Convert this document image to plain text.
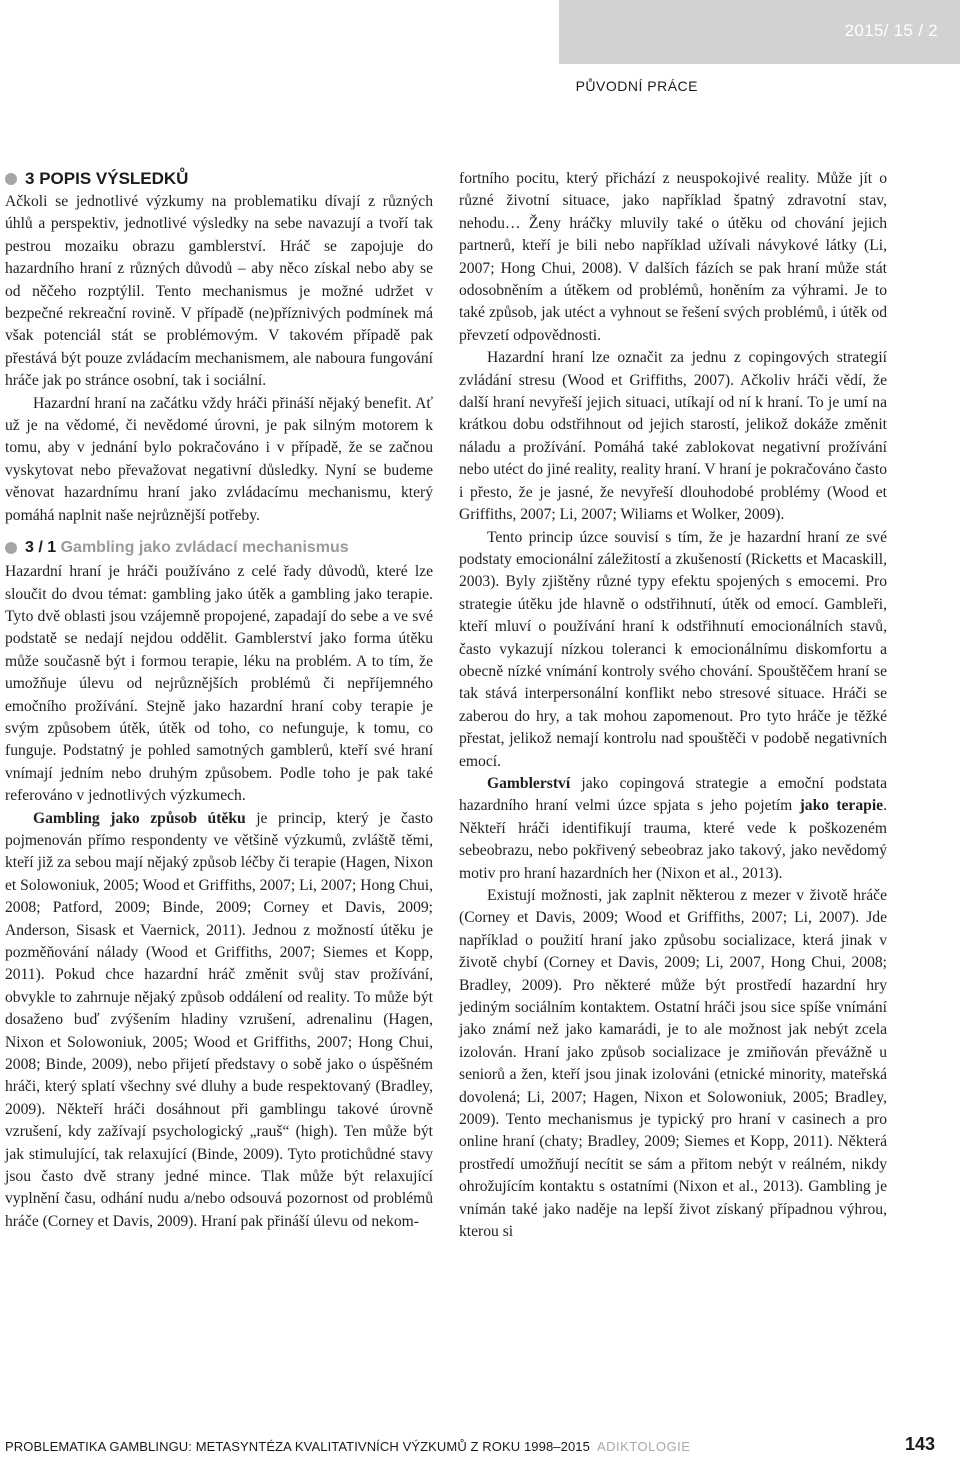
2015/ 15 / 2
PŮVODNÍ PRÁCE
3
POPIS VÝSLEDKŮ

Ačkoli se jednotlivé výzkumy na problematiku dívají z různých úhlů a perspektiv, jednotlivé výsledky na sebe navazují a tvoří tak pestrou mozaiku obrazu gamblerství. Hráč se zapojuje do hazardního hraní z různých důvodů – aby něco získal nebo aby se od něčeho rozptýlil. Tento mechanismus je možné udržet v bezpečné rekreační rovině. V případě (ne)příznivých podmínek má však potenciál stát se problémovým. V takovém případě pak přestává být pouze zvládacím mechanismem, ale naboura fungování hráče jak po stránce osobní, tak i sociální.

Hazardní hraní na začátku vždy hráči přináší nějaký benefit. Ať už je na vědomé, či nevědomé úrovni, je pak silným motorem k tomu, aby v jednání bylo pokračováno i v případě, že se začnou vyskytovat nebo převažovat negativní důsledky. Nyní se budeme věnovat hazardnímu hraní jako zvládacímu mechanismu, který pomáhá naplnit naše nejrůznější potřeby.

3 / 1
Gambling jako zvládací mechanismus

Hazardní hraní je hráči používáno z celé řady důvodů, které lze sloučit do dvou témat: gambling jako útěk a gambling jako terapie. Tyto dvě oblasti jsou vzájemně propojené, zapadají do sebe a ve své podstatě se nedají nejdou oddělit. Gamblerství jako forma útěku může současně být i formou terapie, léku na problém. A to tím, že umožňuje úlevu od nejrůznějších problémů či nepříjemného emočního prožívání. Stejně jako hazardní hraní coby terapie je svým způsobem útěk, útěk od toho, co nefunguje, k tomu, co funguje. Podstatný je pohled samotných gamblerů, kteří své hraní vnímají jedním nebo druhým způsobem. Podle toho je pak také referováno v jednotlivých výzkumech.

Gambling jako způsob útěku je princip, který je často pojmenován přímo respondenty ve většině výzkumů, zvláště těmi, kteří již za sebou mají nějaký způsob léčby či terapie (Hagen, Nixon et Solowoniuk, 2005; Wood et Griffiths, 2007; Li, 2007; Hong Chui, 2008; Patford, 2009; Binde, 2009; Corney et Davis, 2009; Anderson, Sisask et Vaernick, 2011). Jednou z možností útěku je pozměňování nálady (Wood et Griffiths, 2007; Siemes et Kopp, 2011). Pokud chce hazardní hráč změnit svůj stav prožívání, obvykle to zahrnuje nějaký způsob oddálení od reality. To může být dosaženo buď zvýšením hladiny vzrušení, adrenalinu (Hagen, Nixon et Solowoniuk, 2005; Wood et Griffiths, 2007; Hong Chui, 2008; Binde, 2009), nebo přijetí představy o sobě jako o úspěšném hráči, který splatí všechny své dluhy a bude respektovaný (Bradley, 2009). Někteří hráči dosáhnout při gamblingu takové úrovně vzrušení, kdy zažívají psychologický „rauš“ (high). Ten může být jak stimulující, tak relaxující (Binde, 2009). Tyto protichůdné stavy jsou často dvě strany jedné mince. Tlak může být relaxující vyplnění času, odhání nudu a/nebo odsouvá pozornost od problémů hráče (Corney et Davis, 2009). Hraní pak přináší úlevu od nekom-

fortního pocitu, který přichází z neuspokojivé reality. Může jít o různé životní situace, jako například špatný zdravotní stav, nehodu… Ženy hráčky mluvily také o útěku od chování jejich partnerů, kteří je bili nebo například užívali návykové látky (Li, 2007; Hong Chui, 2008). V dalších fázích se pak hraní může stát odosobněním a útěkem od problémů, honěním za výhrami. Je to také způsob, jak utéct a vyhnout se řešení svých problémů, i útěk od převzetí odpovědnosti.

Hazardní hraní lze označit za jednu z copingových strategií zvládání stresu (Wood et Griffiths, 2007). Ačkoliv hráči vědí, že další hraní nevyřeší jejich situaci, utíkají od ní k hraní. To je umí na krátkou dobu odstřihnout od jejich starostí, jelikož dokáže změnit náladu a prožívání. Pomáhá také zablokovat negativní prožívání nebo utéct do jiné reality, reality hraní. V hraní je pokračováno často i přesto, že je jasné, že nevyřeší dlouhodobé problémy (Wood et Griffiths, 2007; Li, 2007; Wiliams et Wolker, 2009).

Tento princip úzce souvisí s tím, že je hazardní hraní ze své podstaty emocionální záležitostí a zkušeností (Ricketts et Macaskill, 2003). Byly zjištěny různé typy efektu spojených s emocemi. Pro strategie útěku jde hlavně o odstřihnutí, útěk od emocí. Gambleři, kteří mluví o používání hraní k odstřihnutí emocionálních stavů, často vykazují nízkou toleranci k emocionálnímu diskomfortu a obecně nízké vnímání kontroly svého chování. Spouštěčem hraní se tak stává interpersonální konflikt nebo stresové situace. Hráči se zaberou do hry, a tak mohou zapomenout. Pro tyto hráče je těžké přestat, jelikož nemají kontrolu nad spouštěči v podobě negativních emocí.

Gamblerství jako copingová strategie a emoční podstata hazardního hraní velmi úzce spjata s jeho pojetím jako terapie. Někteří hráči identifikují trauma, které vede k poškozeném sebeobrazu, nebo pokřivený sebeobraz jako takový, jako nevědomý motiv pro hraní hazardních her (Nixon et al., 2013).

Existují možnosti, jak zaplnit některou z mezer v životě hráče (Corney et Davis, 2009; Wood et Griffiths, 2007; Li, 2007). Jde například o použití hraní jako způsobu socializace, která jinak v životě chybí (Corney et Davis, 2009; Li, 2007, Hong Chui, 2008; Bradley, 2009). Pro některé může být prostředí hazardní hry jediným sociálním kontaktem. Ostatní hráči jsou sice spíše vnímání jako známí než jako kamarádi, je to ale možnost jak nebýt zcela izolován. Hraní jako způsob socializace je zmiňován převážně u seniorů a žen, kteří jsou jinak izolováni (etnické minority, mateřská dovolená; Li, 2007; Hagen, Nixon et Solowoniuk, 2005; Bradley, 2009). Tento mechanismus je typický pro hraní v casinech a pro online hraní (chaty; Bradley, 2009; Siemes et Kopp, 2011). Některá prostředí umožňují necítit se sám a přitom nebýt v reálném, nikdy ohrožujícím kontaktu s ostatními (Nixon et al., 2013). Gambling je vnímán také jako naděje na lepší život získaný případnou výhrou, kterou si

PROBLEMATIKA GAMBLINGU: METASYNTÉZA KVALITATIVNÍCH VÝZKUMŮ Z ROKU 1998–2015 ADIKTOLOGIE	143
